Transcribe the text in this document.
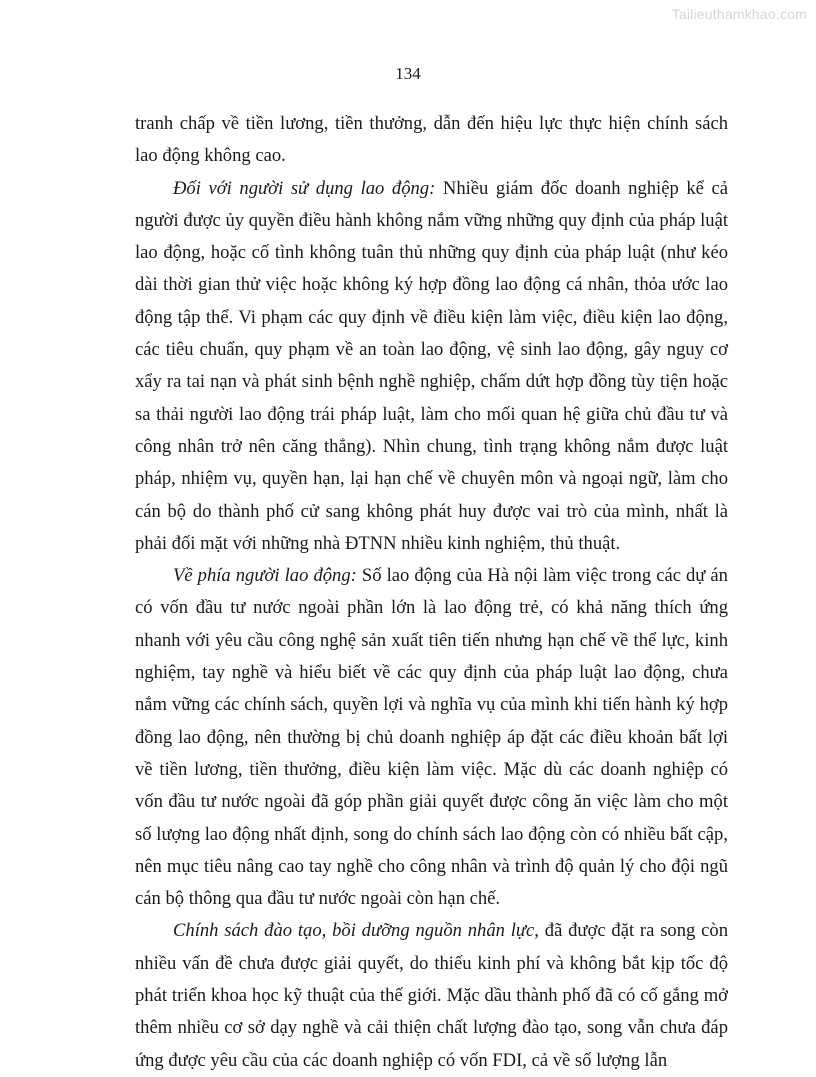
Tailieuthamkhao.com
134

tranh chấp về tiền lương, tiền thưởng, dẫn đến hiệu lực thực hiện chính sách lao động không cao.

Đối với người sử dụng lao động: Nhiều giám đốc doanh nghiệp kể cả người được ủy quyền điều hành không nắm vững những quy định của pháp luật lao động, hoặc cố tình không tuân thủ những quy định của pháp luật (như kéo dài thời gian thử việc hoặc không ký hợp đồng lao động cá nhân, thỏa ước lao động tập thể. Vi phạm các quy định về điều kiện làm việc, điều kiện lao động, các tiêu chuẩn, quy phạm về an toàn lao động, vệ sinh lao động, gây nguy cơ xẩy ra tai nạn và phát sinh bệnh nghề nghiệp, chấm dứt hợp đồng tùy tiện hoặc sa thải người lao động trái pháp luật, làm cho mối quan hệ giữa chủ đầu tư và công nhân trở nên căng thẳng). Nhìn chung, tình trạng không nắm được luật pháp, nhiệm vụ, quyền hạn, lại hạn chế về chuyên môn và ngoại ngữ, làm cho cán bộ do thành phố cử sang không phát huy được vai trò của mình, nhất là phải đối mặt với những nhà ĐTNN nhiều kinh nghiệm, thủ thuật.

Về phía người lao động: Số lao động của Hà nội làm việc trong các dự án có vốn đầu tư nước ngoài phần lớn là lao động trẻ, có khả năng thích ứng nhanh với yêu cầu công nghệ sản xuất tiên tiến nhưng hạn chế về thể lực, kinh nghiệm, tay nghề và hiểu biết về các quy định của pháp luật lao động, chưa nắm vững các chính sách, quyền lợi và nghĩa vụ của mình khi tiến hành ký hợp đồng lao động, nên thường bị chủ doanh nghiệp áp đặt các điều khoản bất lợi về tiền lương, tiền thưởng, điều kiện làm việc. Mặc dù các doanh nghiệp có vốn đầu tư nước ngoài đã góp phần giải quyết được công ăn việc làm cho một số lượng lao động nhất định, song do chính sách lao động còn có nhiều bất cập, nên mục tiêu nâng cao tay nghề cho công nhân và trình độ quản lý cho đội ngũ cán bộ thông qua đầu tư nước ngoài còn hạn chế.

Chính sách đào tạo, bồi dưỡng nguồn nhân lực, đã được đặt ra song còn nhiều vấn đề chưa được giải quyết, do thiếu kinh phí và không bắt kịp tốc độ phát triển khoa học kỹ thuật của thế giới. Mặc dầu thành phố đã có cố gắng mở thêm nhiều cơ sở dạy nghề và cải thiện chất lượng đào tạo, song vẫn chưa đáp ứng được yêu cầu của các doanh nghiệp có vốn FDI, cả về số lượng lẫn
